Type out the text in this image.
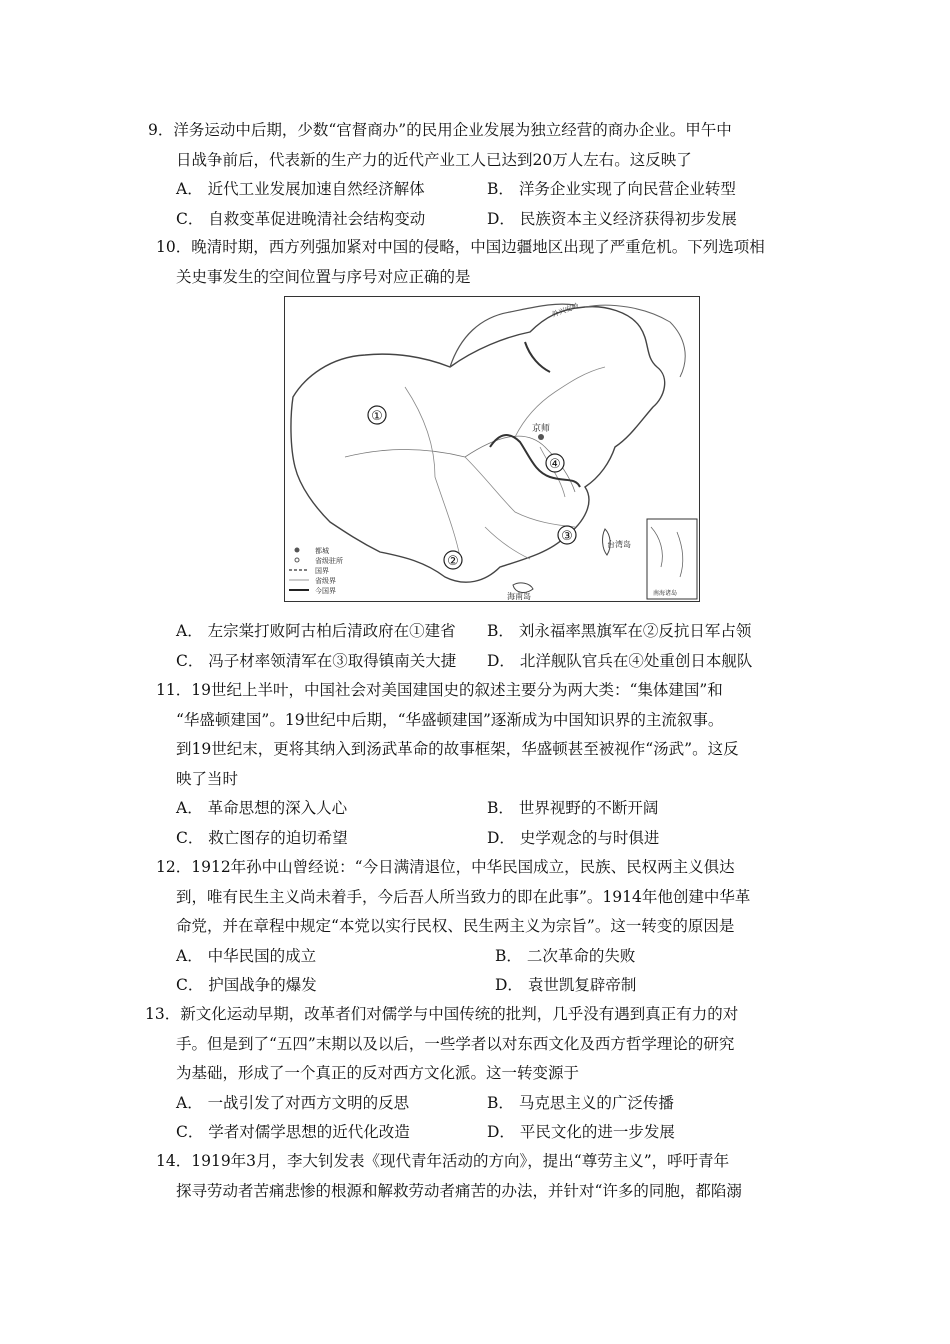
9．洋务运动中后期，少数“官督商办”的民用企业发展为独立经营的商办企业。甲午中
日战争前后，代表新的生产力的近代产业工人已达到20万人左右。这反映了
A． 近代工业发展加速自然经济解体	B． 洋务企业实现了向民营企业转型
C． 自救变革促进晚清社会结构变动	D． 民族资本主义经济获得初步发展
10．晚清时期，西方列强加紧对中国的侵略，中国边疆地区出现了严重危机。下列选项相
关史事发生的空间位置与序号对应正确的是
京师
①
②
③
④
台湾岛
海南岛
外兴安岭
都城
省级驻所
国界
省级界
今国界	南海诸岛
A． 左宗棠打败阿古柏后清政府在①建省 B． 刘永福率黑旗军在②反抗日军占领
C． 冯子材率领清军在③取得镇南关大捷 D． 北洋舰队官兵在④处重创日本舰队
11．19世纪上半叶，中国社会对美国建国史的叙述主要分为两大类：“集体建国”和
“华盛顿建国”。19世纪中后期，“华盛顿建国”逐渐成为中国知识界的主流叙事。
到19世纪末，更将其纳入到汤武革命的故事框架，华盛顿甚至被视作“汤武”。这反
映了当时
A． 革命思想的深入人心	B． 世界视野的不断开阔
C． 救亡图存的迫切希望	D． 史学观念的与时俱进
12．1912年孙中山曾经说：“今日满清退位，中华民国成立，民族、民权两主义俱达
到，唯有民生主义尚未着手，今后吾人所当致力的即在此事”。1914年他创建中华革
命党，并在章程中规定“本党以实行民权、民生两主义为宗旨”。这一转变的原因是
A． 中华民国的成立	B． 二次革命的失败
C． 护国战争的爆发	D． 袁世凯复辟帝制
13．新文化运动早期，改革者们对儒学与中国传统的批判，几乎没有遇到真正有力的对
手。但是到了“五四”末期以及以后，一些学者以对东西文化及西方哲学理论的研究
为基础，形成了一个真正的反对西方文化派。这一转变源于
A． 一战引发了对西方文明的反思	B． 马克思主义的广泛传播
C． 学者对儒学思想的近代化改造	D． 平民文化的进一步发展
14．1919年3月，李大钊发表《现代青年活动的方向》，提出“尊劳主义”，呼吁青年
探寻劳动者苦痛悲惨的根源和解救劳动者痛苦的办法，并针对“许多的同胞，都陷溺
